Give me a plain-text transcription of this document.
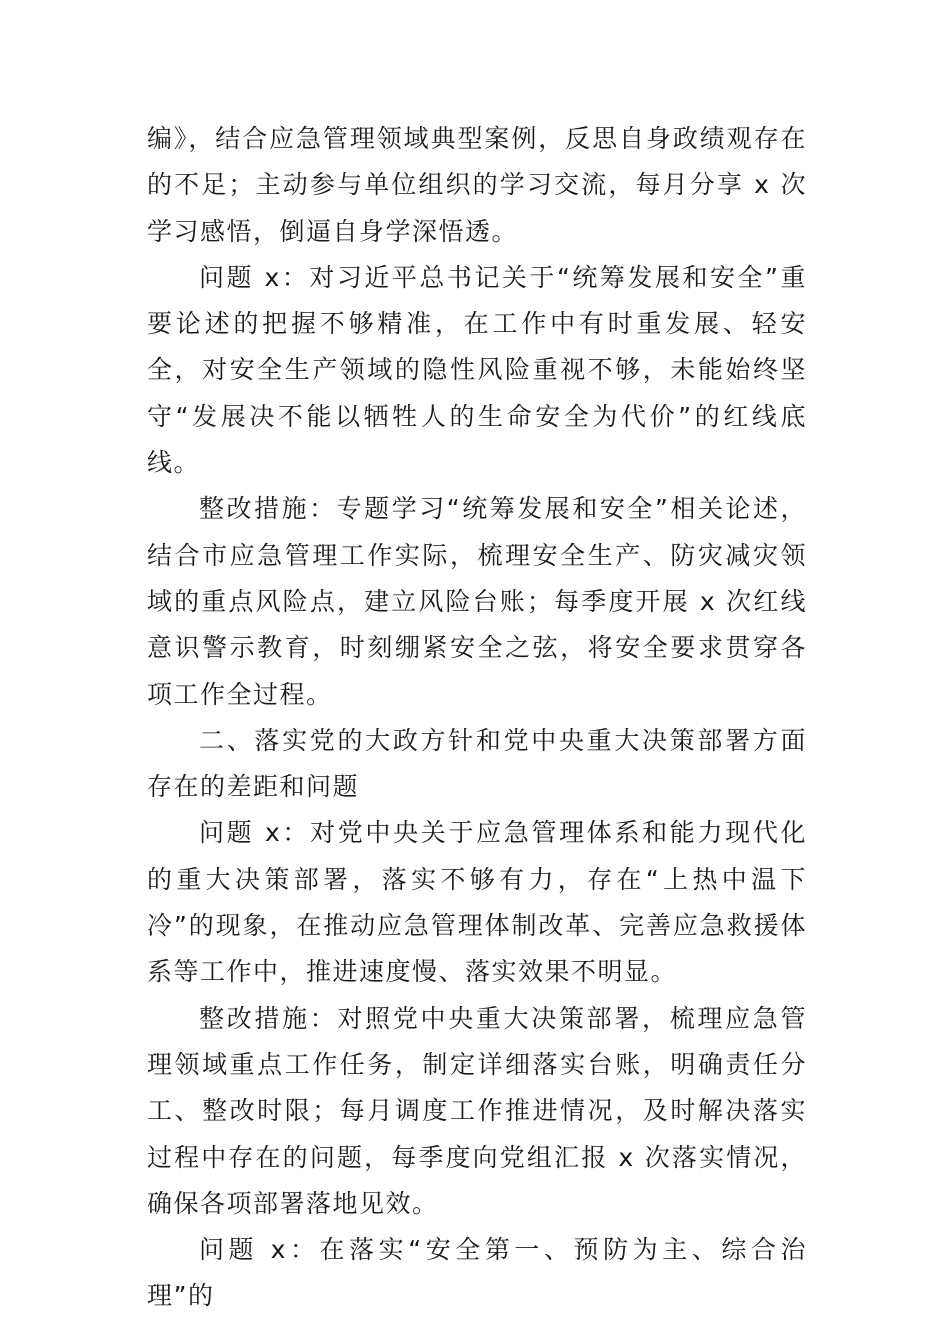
编》，结合应急管理领域典型案例，反思自身政绩观存在的不足；主动参与单位组织的学习交流，每月分享 x 次学习感悟，倒逼自身学深悟透。

问题 x：对习近平总书记关于“统筹发展和安全”重要论述的把握不够精准，在工作中有时重发展、轻安全，对安全生产领域的隐性风险重视不够，未能始终坚守“发展决不能以牺牲人的生命安全为代价”的红线底线。

整改措施：专题学习“统筹发展和安全”相关论述，结合市应急管理工作实际，梳理安全生产、防灾减灾领域的重点风险点，建立风险台账；每季度开展 x 次红线意识警示教育，时刻绷紧安全之弦，将安全要求贯穿各项工作全过程。

二、落实党的大政方针和党中央重大决策部署方面存在的差距和问题

问题 x：对党中央关于应急管理体系和能力现代化的重大决策部署，落实不够有力，存在“上热中温下冷”的现象，在推动应急管理体制改革、完善应急救援体系等工作中，推进速度慢、落实效果不明显。

整改措施：对照党中央重大决策部署，梳理应急管理领域重点工作任务，制定详细落实台账，明确责任分工、整改时限；每月调度工作推进情况，及时解决落实过程中存在的问题，每季度向党组汇报 x 次落实情况，确保各项部署落地见效。

问题 x：在落实“安全第一、预防为主、综合治理”的
